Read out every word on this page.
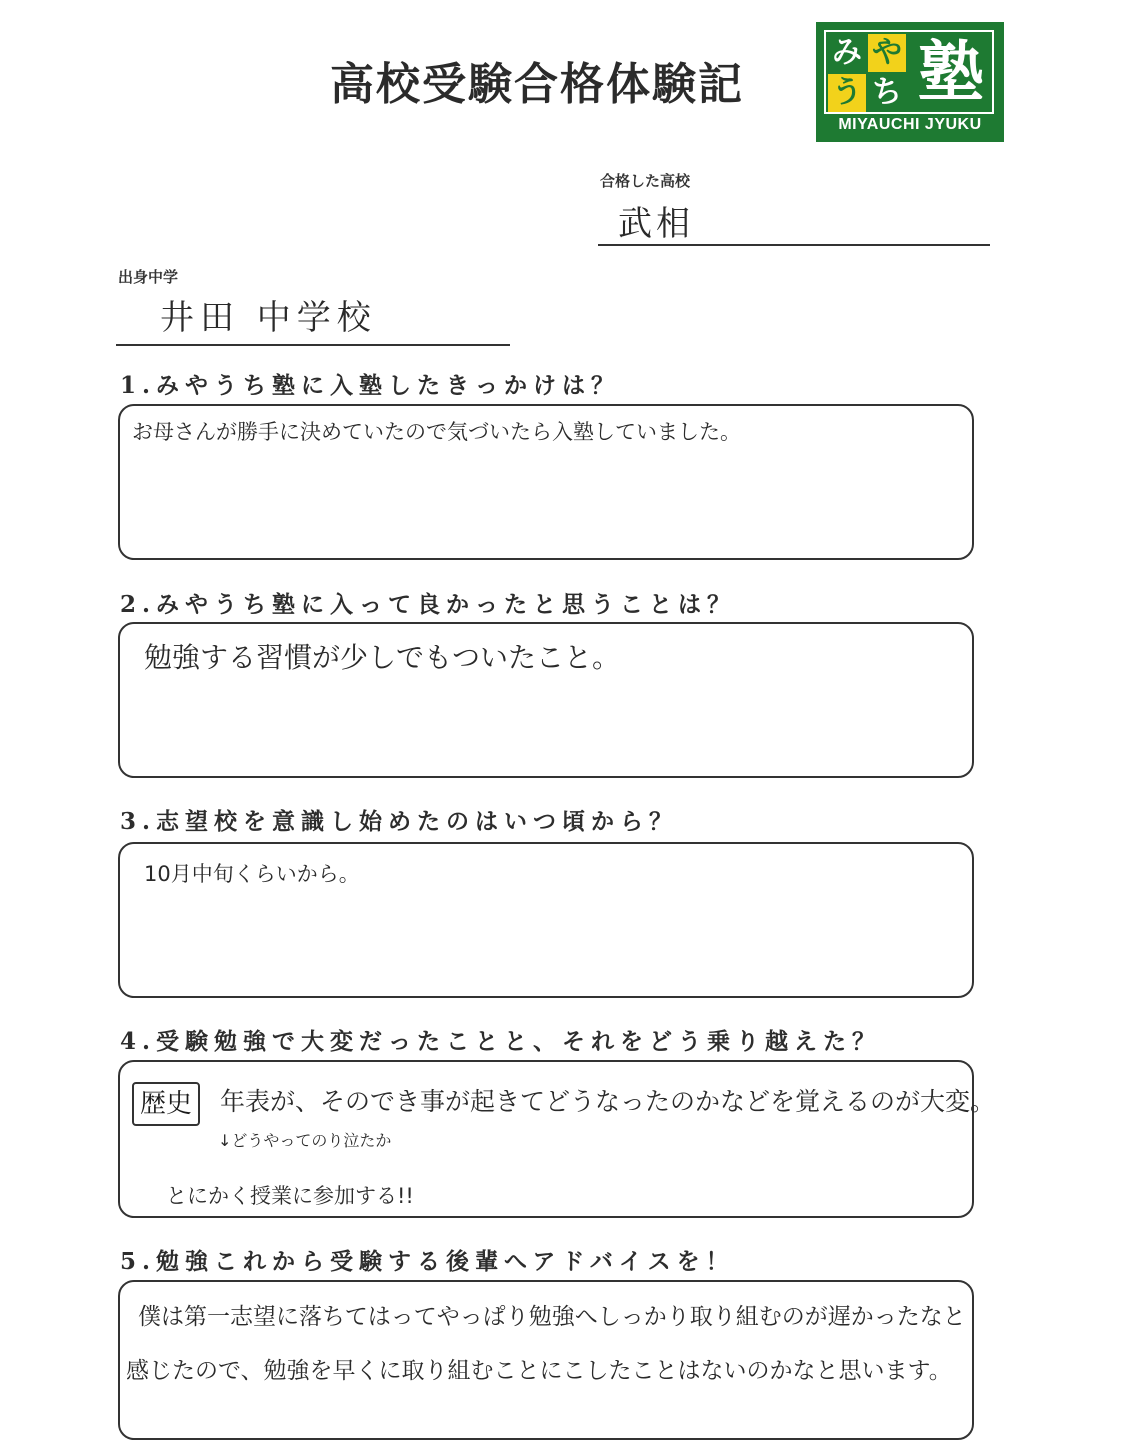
高校受験合格体験記
み や
う ち 塾
MIYAUCHI JYUKU
合格した高校
武相
出身中学
井田 中学校
1.みやうち塾に入塾したきっかけは？
お母さんが勝手に決めていたので気づいたら入塾していました。
2.みやうち塾に入って良かったと思うことは？
勉強する習慣が少しでもついたこと。
3.志望校を意識し始めたのはいつ頃から？
10月中旬くらいから。
4.受験勉強で大変だったことと、それをどう乗り越えた？
歴史	年表が、そのでき事が起きてどうなったのかなどを覚えるのが大変。
↓どうやってのり泣たか
とにかく授業に参加する!!
5.勉強これから受験する後輩へアドバイスを！
僕は第一志望に落ちてはってやっぱり勉強へしっかり取り組むのが遅かったなと
感じたので、勉強を早くに取り組むことにこしたことはないのかなと思います。
